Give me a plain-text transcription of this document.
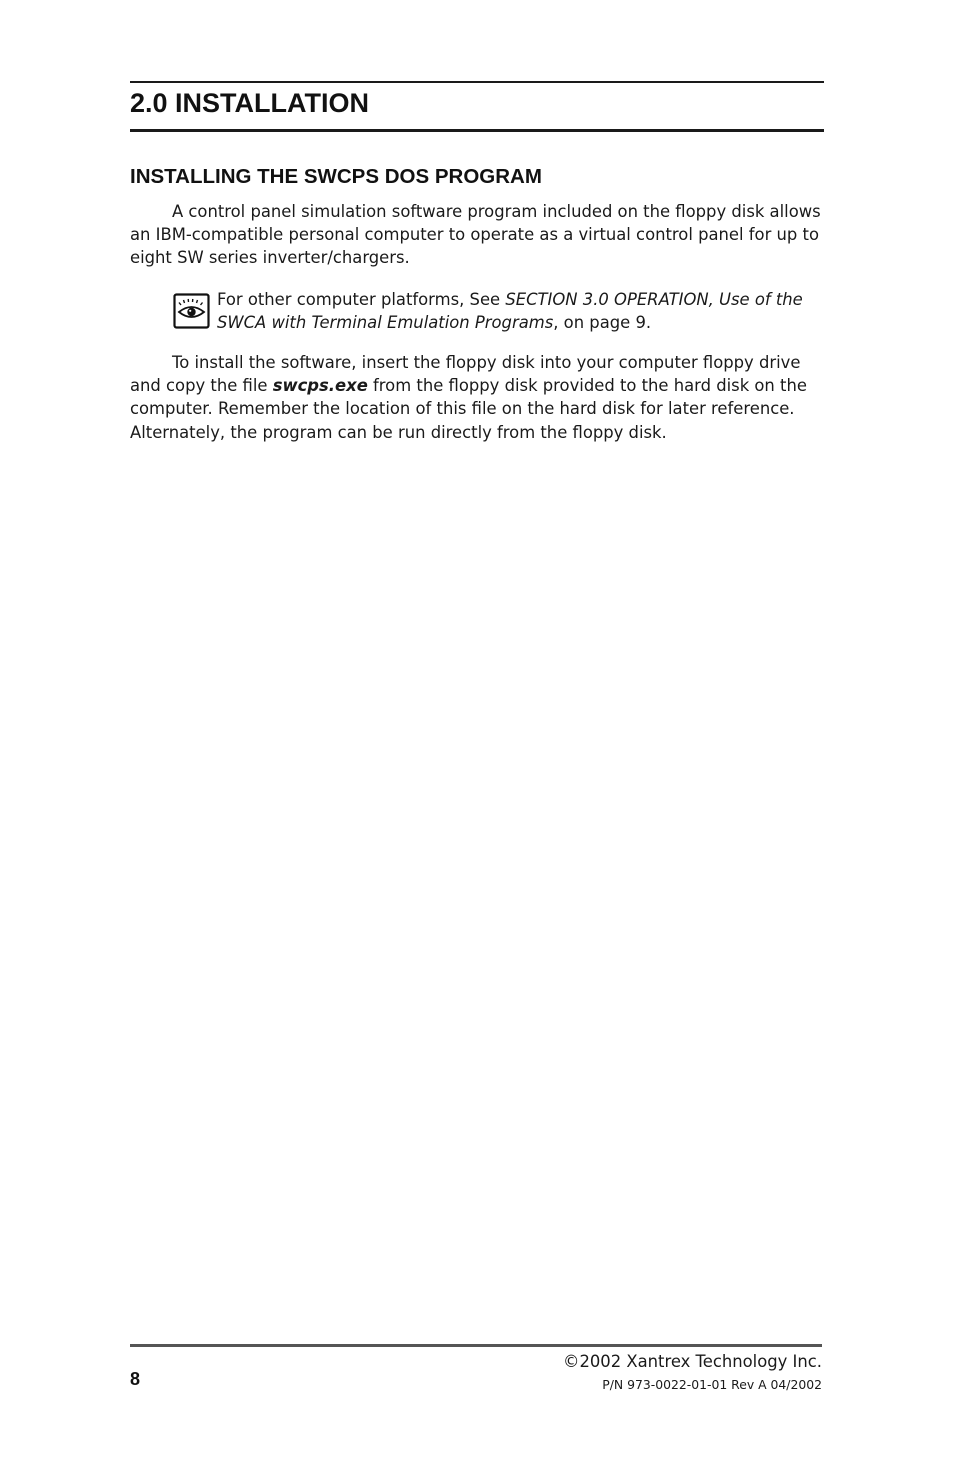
2.0 INSTALLATION
INSTALLING THE SWCPS DOS PROGRAM

A control panel simulation software program included on the floppy disk allows an IBM-compatible personal computer to operate as a virtual control panel for up to eight SW series inverter/chargers.

For other computer platforms, See SECTION 3.0 OPERATION, Use of the SWCA with Terminal Emulation Programs, on page 9.

To install the software, insert the floppy disk into your computer floppy drive and copy the file swcps.exe from the floppy disk provided to the hard disk on the computer. Remember the location of this file on the hard disk for later reference. Alternately, the program can be run directly from the floppy disk.

8

©2002 Xantrex Technology Inc.

P/N 973-0022-01-01 Rev A 04/2002
